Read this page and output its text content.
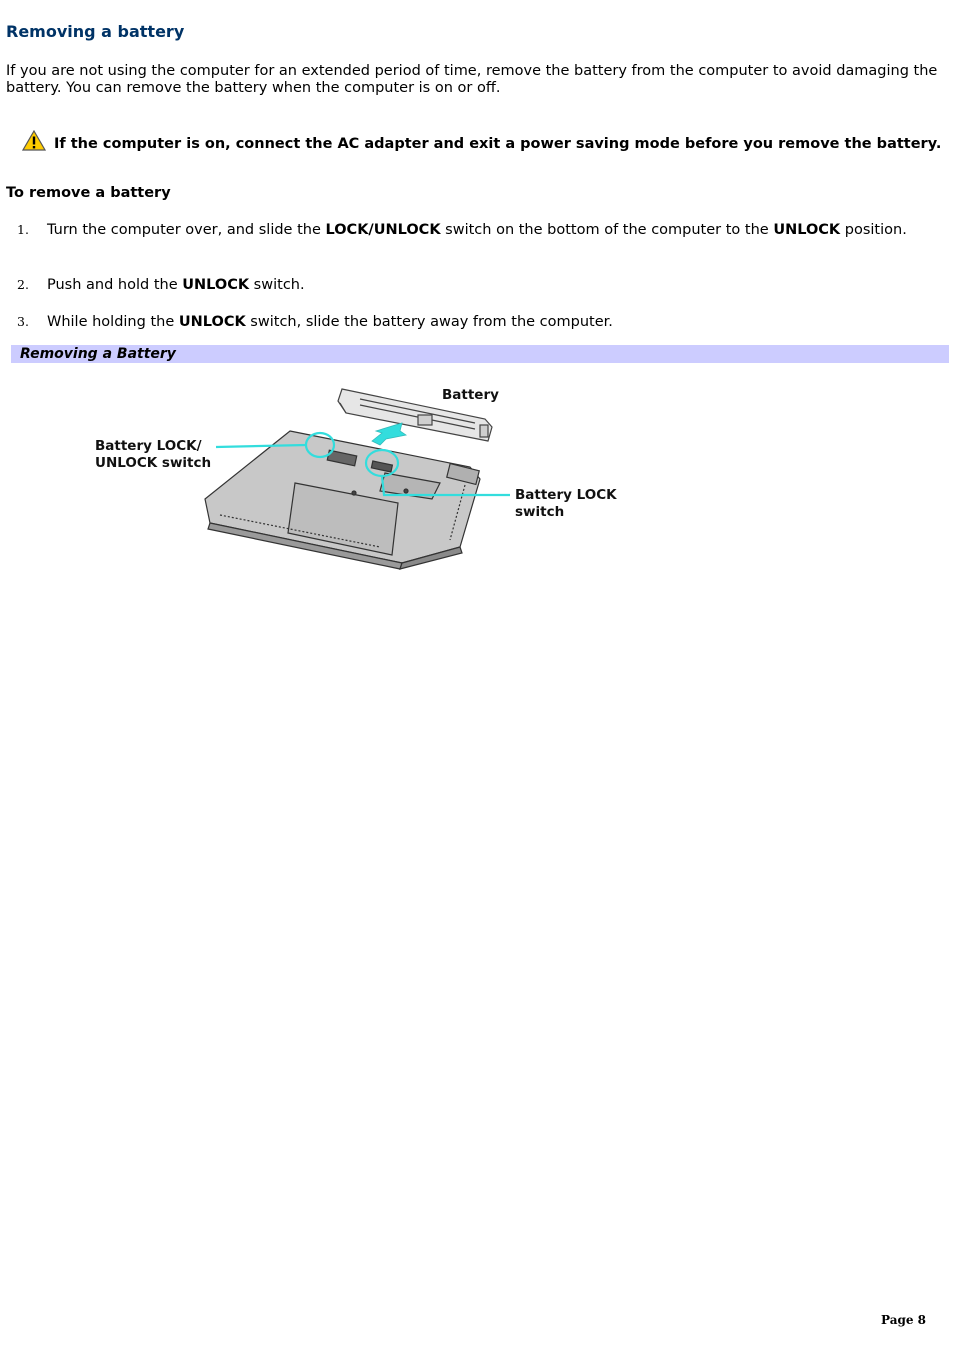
Removing a battery

If you are not using the computer for an extended period of time, remove the battery from the computer to avoid damaging the battery. You can remove the battery when the computer is on or off.

If the computer is on, connect the AC adapter and exit a power saving mode before you remove the battery.
To remove a battery
1. Turn the computer over, and slide the LOCK/UNLOCK switch on the bottom of the computer to the UNLOCK position.
2. Push and hold the UNLOCK switch.
3. While holding the UNLOCK switch, slide the battery away from the computer.
Removing a Battery
Battery
Battery LOCK/
UNLOCK switch
Battery LOCK
switch
Page 8
